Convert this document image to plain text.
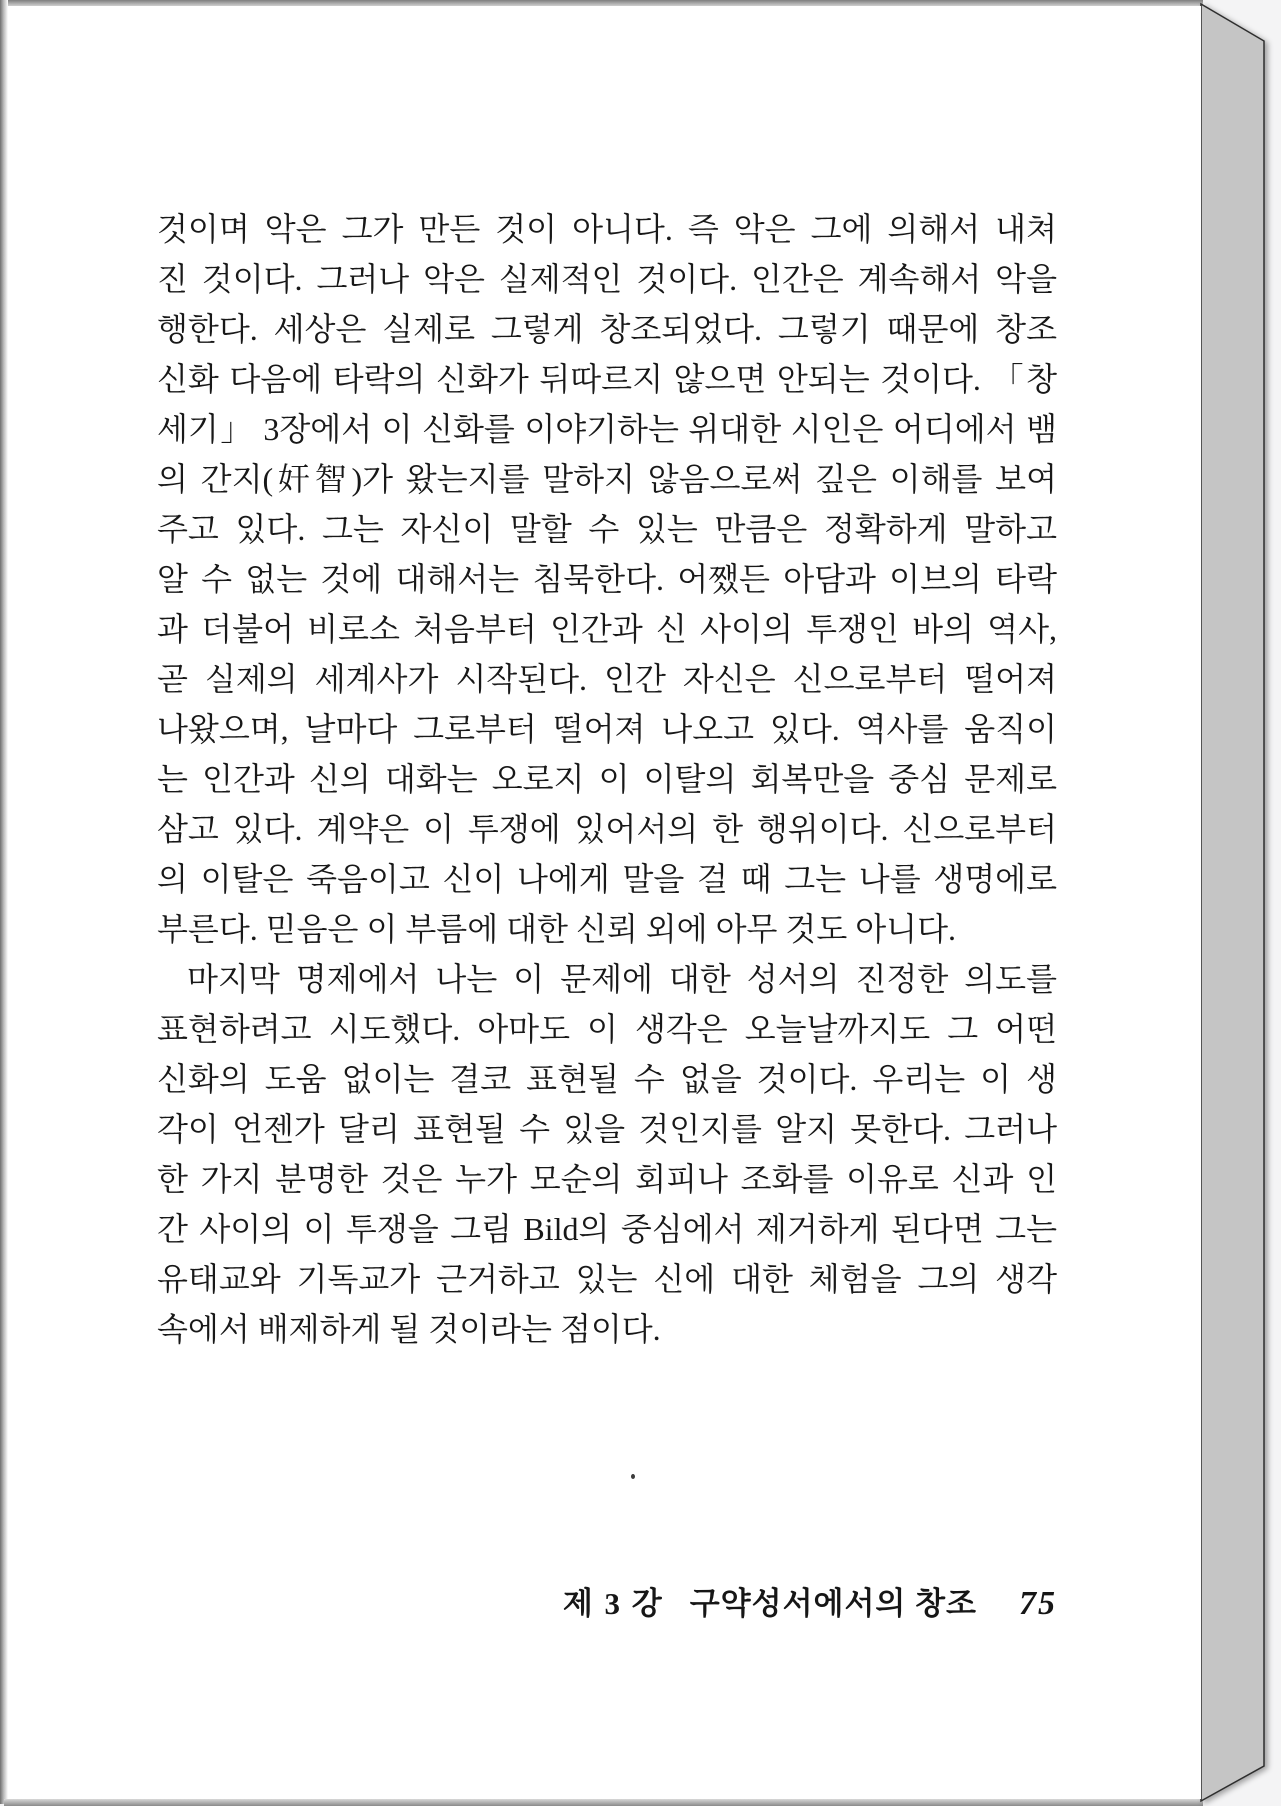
것이며 악은 그가 만든 것이 아니다. 즉 악은 그에 의해서 내쳐
진 것이다. 그러나 악은 실제적인 것이다. 인간은 계속해서 악을
행한다. 세상은 실제로 그렇게 창조되었다. 그렇기 때문에 창조
신화 다음에 타락의 신화가 뒤따르지 않으면 안되는 것이다. 「창
세기」 3장에서 이 신화를 이야기하는 위대한 시인은 어디에서 뱀
의 간지(奸智)가 왔는지를 말하지 않음으로써 깊은 이해를 보여
주고 있다. 그는 자신이 말할 수 있는 만큼은 정확하게 말하고
알 수 없는 것에 대해서는 침묵한다. 어쨌든 아담과 이브의 타락
과 더불어 비로소 처음부터 인간과 신 사이의 투쟁인 바의 역사,
곧 실제의 세계사가 시작된다. 인간 자신은 신으로부터 떨어져
나왔으며, 날마다 그로부터 떨어져 나오고 있다. 역사를 움직이
는 인간과 신의 대화는 오로지 이 이탈의 회복만을 중심 문제로
삼고 있다. 계약은 이 투쟁에 있어서의 한 행위이다. 신으로부터
의 이탈은 죽음이고 신이 나에게 말을 걸 때 그는 나를 생명에로
부른다. 믿음은 이 부름에 대한 신뢰 외에 아무 것도 아니다.
마지막 명제에서 나는 이 문제에 대한 성서의 진정한 의도를
표현하려고 시도했다. 아마도 이 생각은 오늘날까지도 그 어떤
신화의 도움 없이는 결코 표현될 수 없을 것이다. 우리는 이 생
각이 언젠가 달리 표현될 수 있을 것인지를 알지 못한다. 그러나
한 가지 분명한 것은 누가 모순의 회피나 조화를 이유로 신과 인
간 사이의 이 투쟁을 그림 Bild의 중심에서 제거하게 된다면 그는
유태교와 기독교가 근거하고 있는 신에 대한 체험을 그의 생각
속에서 배제하게 될 것이라는 점이다.
제 3 강 구약성서에서의 창조 75
